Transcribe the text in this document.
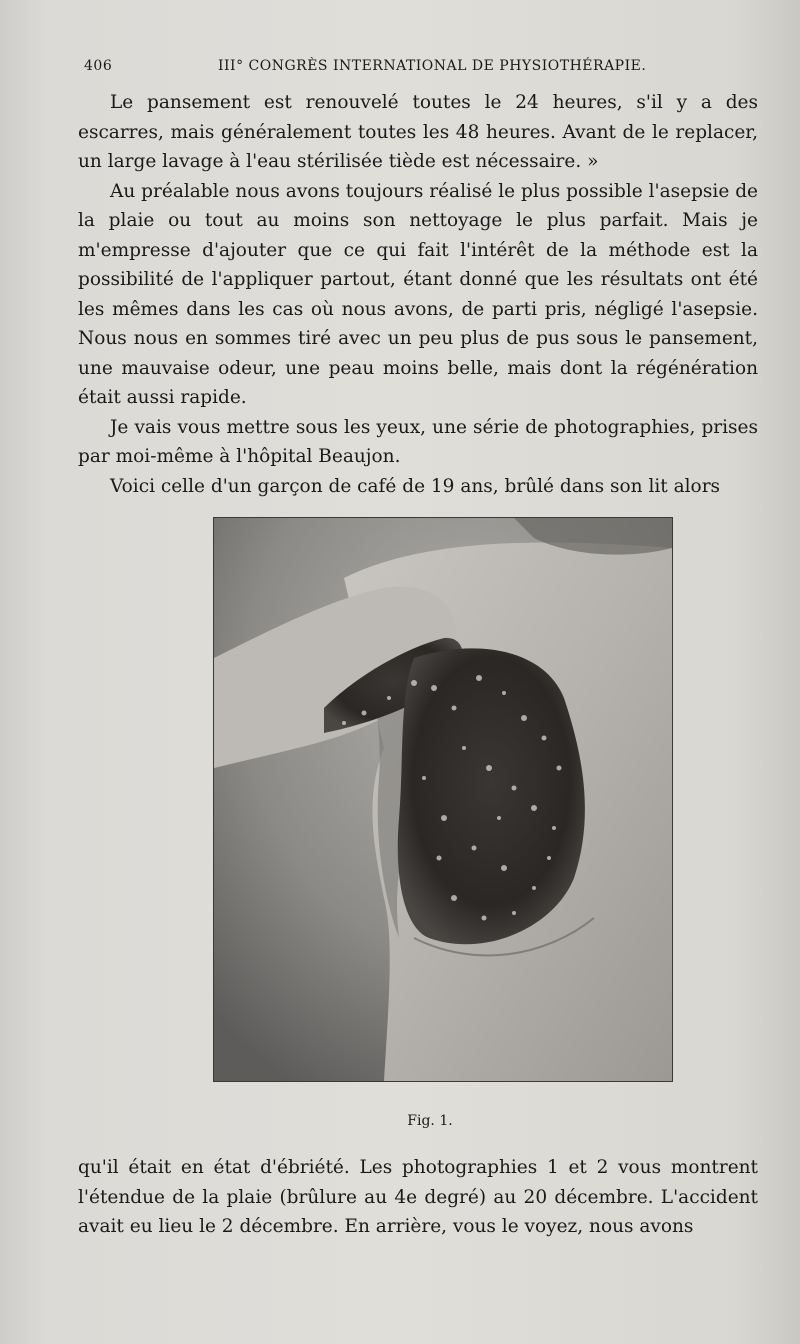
406	III° CONGRÈS INTERNATIONAL DE PHYSIOTHÉRAPIE.

Le pansement est renouvelé toutes le 24 heures, s'il y a des escarres, mais généralement toutes les 48 heures. Avant de le replacer, un large lavage à l'eau stérilisée tiède est nécessaire. »

Au préalable nous avons toujours réalisé le plus possible l'asepsie de la plaie ou tout au moins son nettoyage le plus parfait. Mais je m'empresse d'ajouter que ce qui fait l'intérêt de la méthode est la possibilité de l'appliquer partout, étant donné que les résultats ont été les mêmes dans les cas où nous avons, de parti pris, négligé l'asepsie. Nous nous en sommes tiré avec un peu plus de pus sous le pansement, une mauvaise odeur, une peau moins belle, mais dont la régénération était aussi rapide.

Je vais vous mettre sous les yeux, une série de photographies, prises par moi-même à l'hôpital Beaujon.

Voici celle d'un garçon de café de 19 ans, brûlé dans son lit alors

Fig. 1.

qu'il était en état d'ébriété. Les photographies 1 et 2 vous montrent l'étendue de la plaie (brûlure au 4e degré) au 20 décembre. L'accident avait eu lieu le 2 décembre. En arrière, vous le voyez, nous avons
